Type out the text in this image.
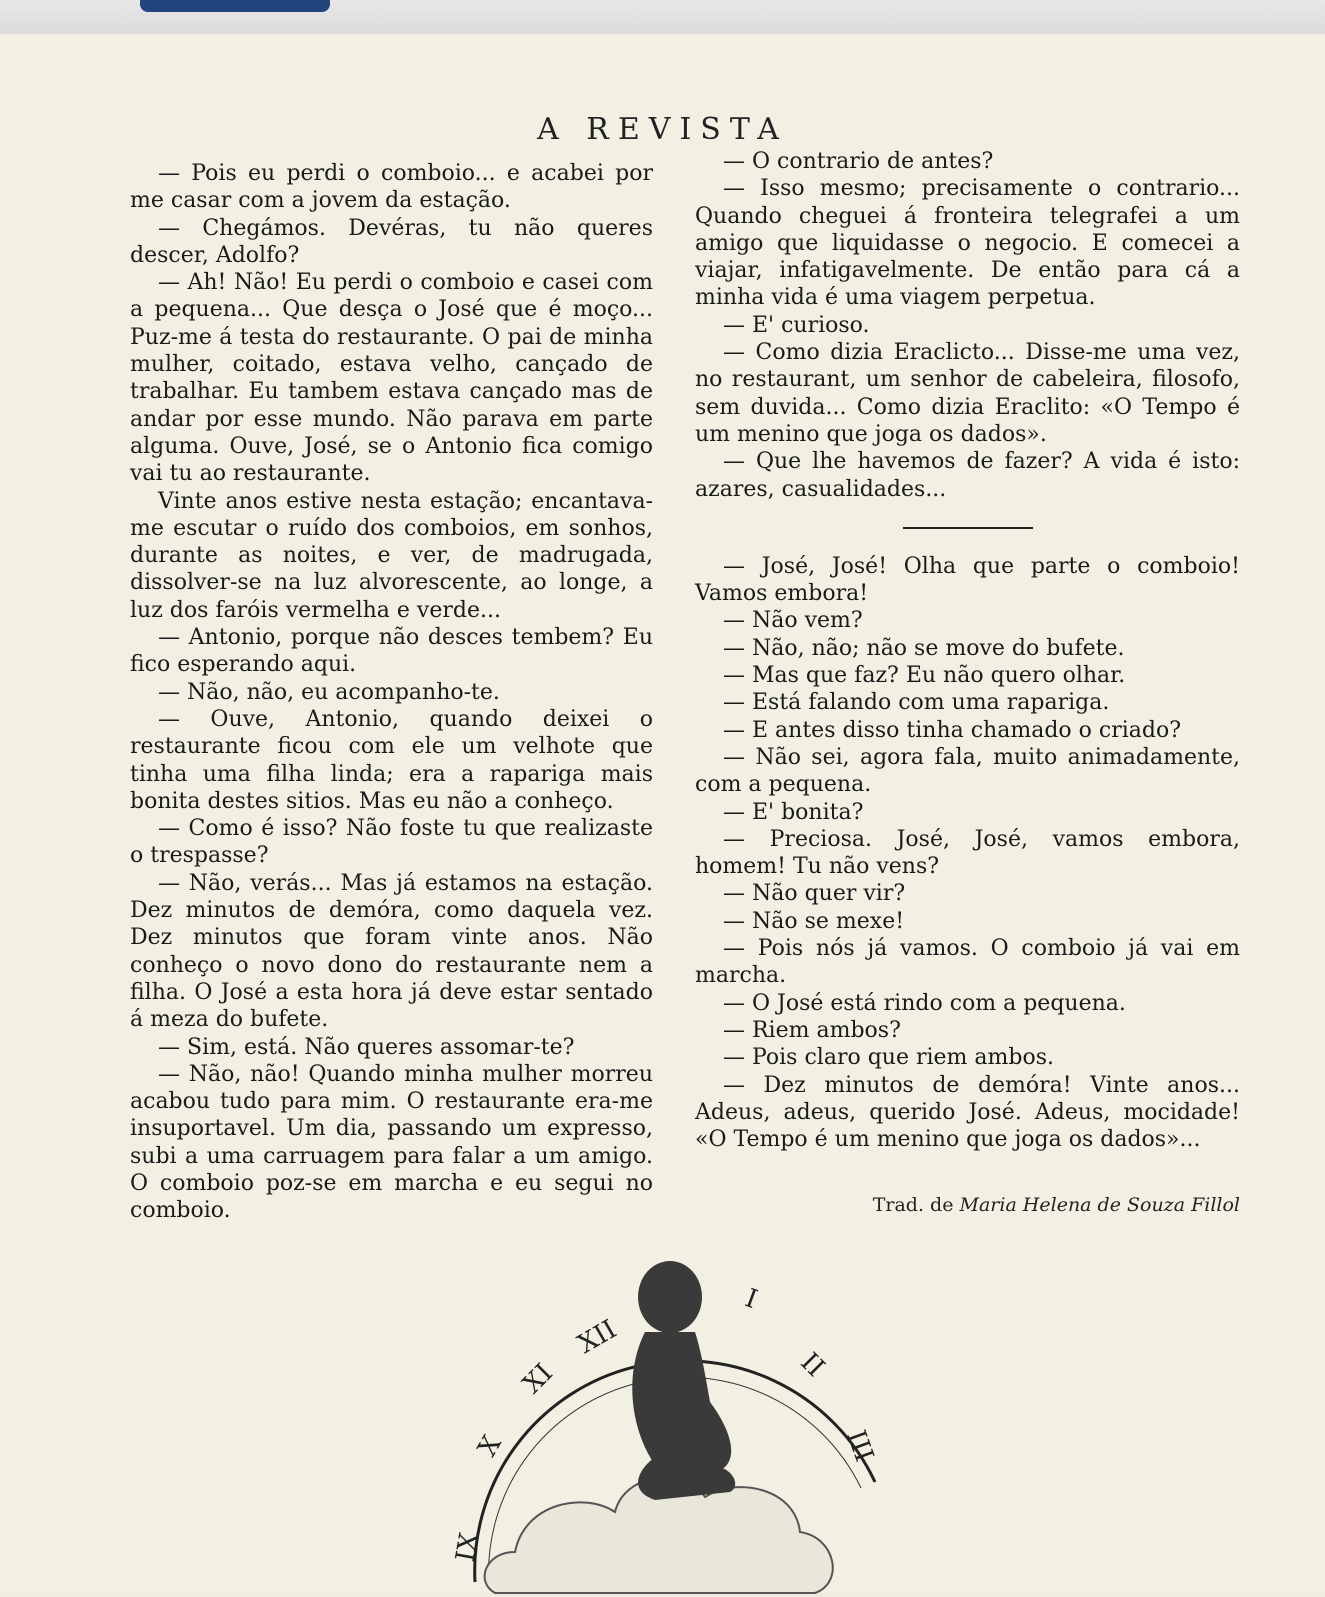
A REVISTA

— Pois eu perdi o comboio... e acabei por me casar com a jovem da estação.

— Chegámos. Devéras, tu não queres descer, Adolfo?

— Ah! Não! Eu perdi o comboio e casei com a pequena... Que desça o José que é moço... Puz-me á testa do restaurante. O pai de minha mulher, coitado, estava velho, cançado de trabalhar. Eu tambem estava cançado mas de andar por esse mundo. Não parava em parte alguma. Ouve, José, se o Antonio fica comigo vai tu ao restaurante.

Vinte anos estive nesta estação; encantava-me escutar o ruído dos comboios, em sonhos, durante as noites, e ver, de madrugada, dissolver-se na luz alvorescente, ao longe, a luz dos faróis vermelha e verde...

— Antonio, porque não desces tembem? Eu fico esperando aqui.

— Não, não, eu acompanho-te.

— Ouve, Antonio, quando deixei o restaurante ficou com ele um velhote que tinha uma filha linda; era a rapariga mais bonita destes sitios. Mas eu não a conheço.

— Como é isso? Não foste tu que realizaste o trespasse?

— Não, verás... Mas já estamos na estação. Dez minutos de demóra, como daquela vez. Dez minutos que foram vinte anos. Não conheço o novo dono do restaurante nem a filha. O José a esta hora já deve estar sentado á meza do bufete.

— Sim, está. Não queres assomar-te?

— Não, não! Quando minha mulher morreu acabou tudo para mim. O restaurante era-me insuportavel. Um dia, passando um expresso, subi a uma carruagem para falar a um amigo. O comboio poz-se em marcha e eu segui no comboio.

— O contrario de antes?

— Isso mesmo; precisamente o contrario... Quando cheguei á fronteira telegrafei a um amigo que liquidasse o negocio. E comecei a viajar, infatigavelmente. De então para cá a minha vida é uma viagem perpetua.

— E' curioso.

— Como dizia Eraclicto... Disse-me uma vez, no restaurant, um senhor de cabeleira, filosofo, sem duvida... Como dizia Eraclito: «O Tempo é um menino que joga os dados».

— Que lhe havemos de fazer? A vida é isto: azares, casualidades...

— José, José! Olha que parte o comboio! Vamos embora!

— Não vem?

— Não, não; não se move do bufete.

— Mas que faz? Eu não quero olhar.

— Está falando com uma rapariga.

— E antes disso tinha chamado o criado?

— Não sei, agora fala, muito animadamente, com a pequena.

— E' bonita?

— Preciosa. José, José, vamos embora, homem! Tu não vens?

— Não quer vir?

— Não se mexe!

— Pois nós já vamos. O comboio já vai em marcha.

— O José está rindo com a pequena.

— Riem ambos?

— Pois claro que riem ambos.

— Dez minutos de demóra! Vinte anos... Adeus, adeus, querido José. Adeus, mocidade! «O Tempo é um menino que joga os dados»...

Trad. de Maria Helena de Souza Fillol
XII
XI
X
IX
I
II
III
